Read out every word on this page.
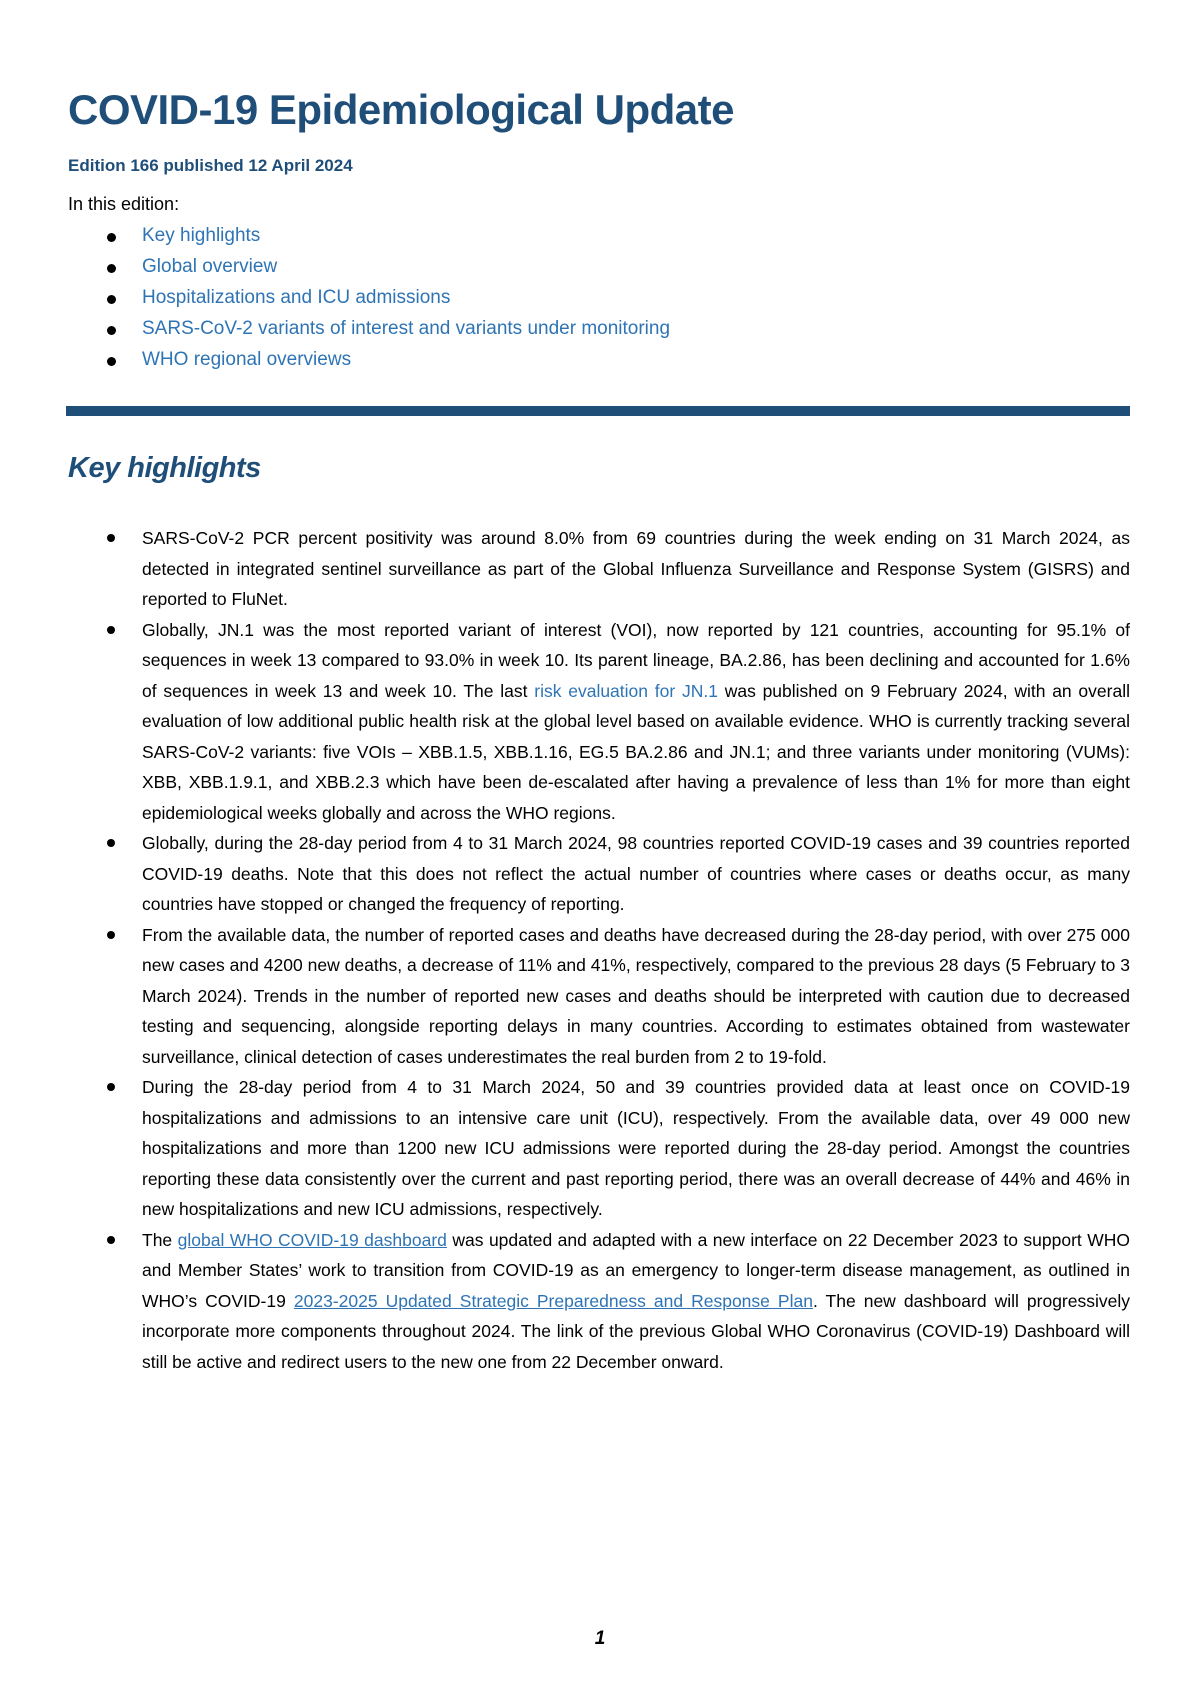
COVID-19 Epidemiological Update

Edition 166 published 12 April 2024

In this edition:

Key highlights
Global overview
Hospitalizations and ICU admissions
SARS-CoV-2 variants of interest and variants under monitoring
WHO regional overviews
Key highlights
SARS-CoV-2 PCR percent positivity was around 8.0% from 69 countries during the week ending on 31 March 2024, as detected in integrated sentinel surveillance as part of the Global Influenza Surveillance and Response System (GISRS) and reported to FluNet.
Globally, JN.1 was the most reported variant of interest (VOI), now reported by 121 countries, accounting for 95.1% of sequences in week 13 compared to 93.0% in week 10. Its parent lineage, BA.2.86, has been declining and accounted for 1.6% of sequences in week 13 and week 10. The last risk evaluation for JN.1 was published on 9 February 2024, with an overall evaluation of low additional public health risk at the global level based on available evidence. WHO is currently tracking several SARS-CoV-2 variants: five VOIs – XBB.1.5, XBB.1.16, EG.5 BA.2.86 and JN.1; and three variants under monitoring (VUMs): XBB, XBB.1.9.1, and XBB.2.3 which have been de-escalated after having a prevalence of less than 1% for more than eight epidemiological weeks globally and across the WHO regions.
Globally, during the 28-day period from 4 to 31 March 2024, 98 countries reported COVID-19 cases and 39 countries reported COVID-19 deaths. Note that this does not reflect the actual number of countries where cases or deaths occur, as many countries have stopped or changed the frequency of reporting.
From the available data, the number of reported cases and deaths have decreased during the 28-day period, with over 275 000 new cases and 4200 new deaths, a decrease of 11% and 41%, respectively, compared to the previous 28 days (5 February to 3 March 2024). Trends in the number of reported new cases and deaths should be interpreted with caution due to decreased testing and sequencing, alongside reporting delays in many countries. According to estimates obtained from wastewater surveillance, clinical detection of cases underestimates the real burden from 2 to 19-fold.
During the 28-day period from 4 to 31 March 2024, 50 and 39 countries provided data at least once on COVID-19 hospitalizations and admissions to an intensive care unit (ICU), respectively. From the available data, over 49 000 new hospitalizations and more than 1200 new ICU admissions were reported during the 28-day period. Amongst the countries reporting these data consistently over the current and past reporting period, there was an overall decrease of 44% and 46% in new hospitalizations and new ICU admissions, respectively.
The global WHO COVID-19 dashboard was updated and adapted with a new interface on 22 December 2023 to support WHO and Member States’ work to transition from COVID-19 as an emergency to longer-term disease management, as outlined in WHO’s COVID-19 2023-2025 Updated Strategic Preparedness and Response Plan. The new dashboard will progressively incorporate more components throughout 2024. The link of the previous Global WHO Coronavirus (COVID-19) Dashboard will still be active and redirect users to the new one from 22 December onward.
1
